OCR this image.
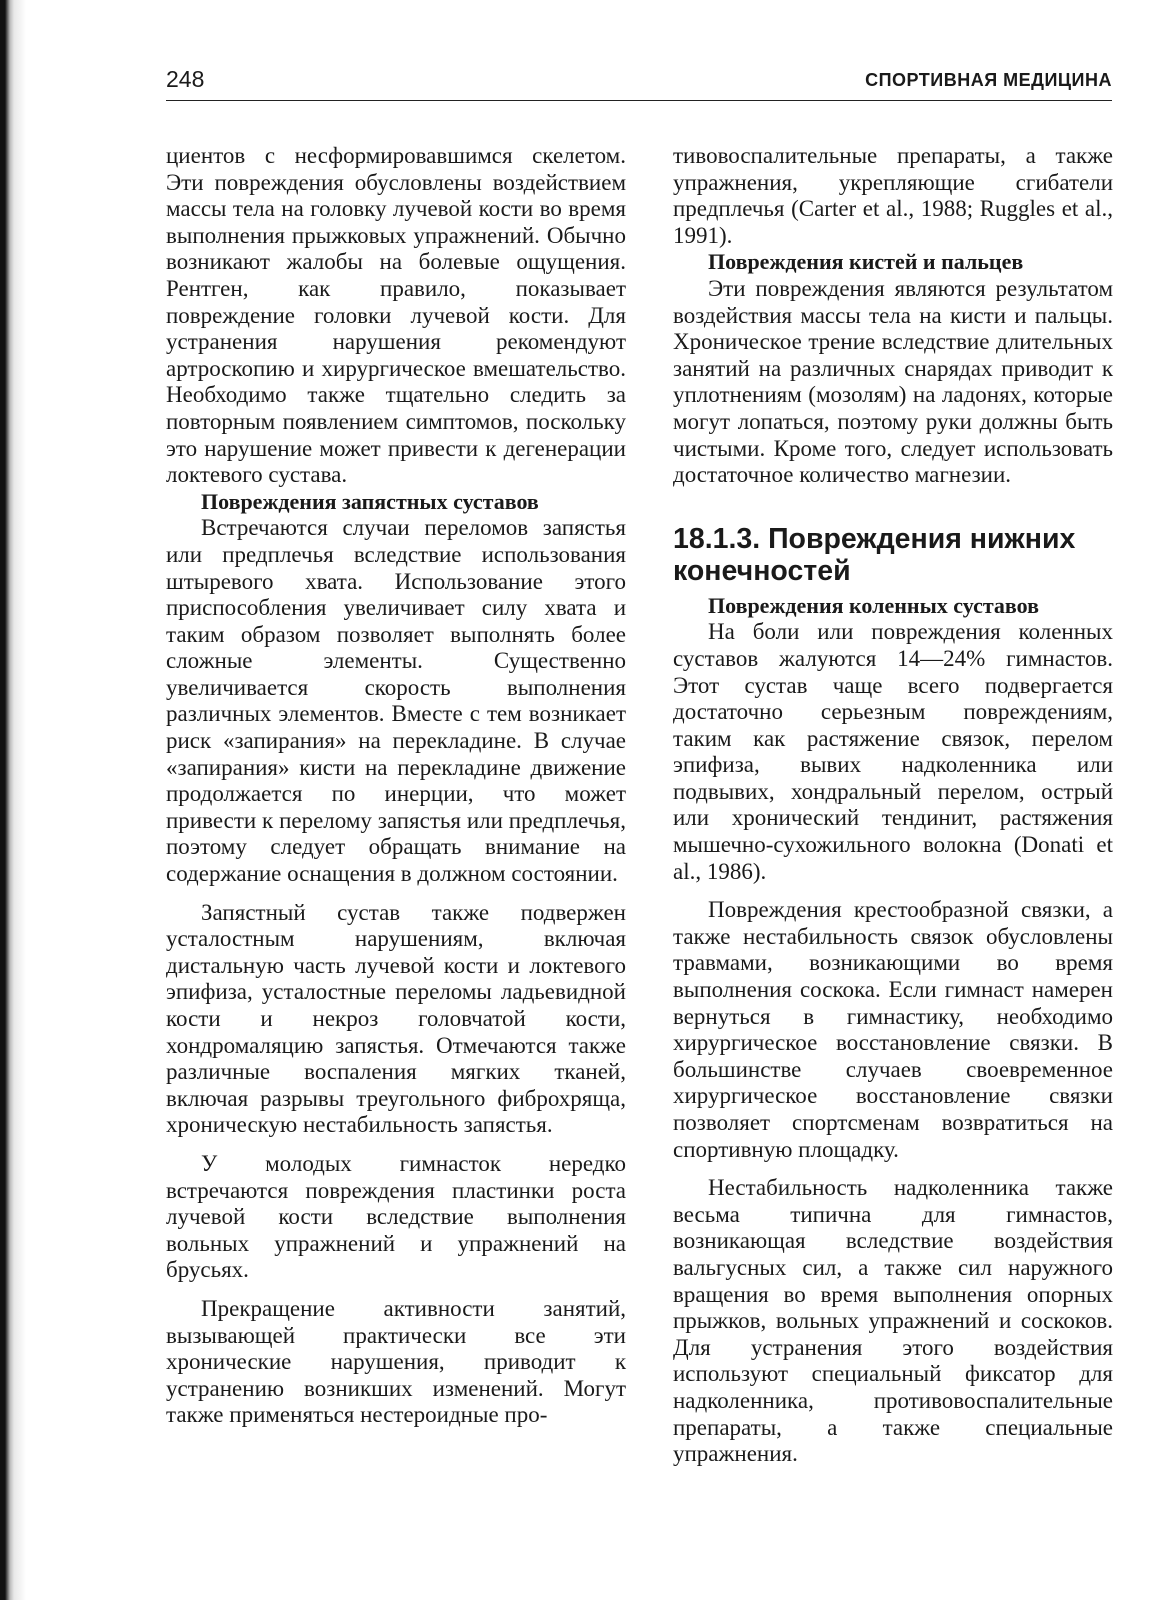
248	СПОРТИВНАЯ МЕДИЦИНА

циентов с несформировавшимся скелетом. Эти повреждения обусловлены воздействием массы тела на головку лучевой кости во время выполнения прыжковых упражнений. Обычно возникают жалобы на болевые ощущения. Рентген, как правило, показывает повреждение головки лучевой кости. Для устранения нарушения рекомендуют артроскопию и хирургическое вмешательство. Необходимо также тщательно следить за повторным появлением симптомов, поскольку это нарушение может привести к дегенерации локтевого сустава.

Повреждения запястных суставов

Встречаются случаи переломов запястья или предплечья вследствие использования штыревого хвата. Использование этого приспособления увеличивает силу хвата и таким образом позволяет выполнять более сложные элементы. Существенно увеличивается скорость выполнения различных элементов. Вместе с тем возникает риск «запирания» на перекладине. В случае «запирания» кисти на перекладине движение продолжается по инерции, что может привести к перелому запястья или предплечья, поэтому следует обращать внимание на содержание оснащения в должном состоянии.

Запястный сустав также подвержен усталостным нарушениям, включая дистальную часть лучевой кости и локтевого эпифиза, усталостные переломы ладьевидной кости и некроз головчатой кости, хондромаляцию запястья. Отмечаются также различные воспаления мягких тканей, включая разрывы треугольного фиброхряща, хроническую нестабильность запястья.

У молодых гимнасток нередко встречаются повреждения пластинки роста лучевой кости вследствие выполнения вольных упражнений и упражнений на брусьях.

Прекращение активности занятий, вызывающей практически все эти хронические нарушения, приводит к устранению возникших изменений. Могут также применяться нестероидные про-

тивовоспалительные препараты, а также упражнения, укрепляющие сгибатели предплечья (Carter et al., 1988; Ruggles et al., 1991).

Повреждения кистей и пальцев

Эти повреждения являются результатом воздействия массы тела на кисти и пальцы. Хроническое трение вследствие длительных занятий на различных снарядах приводит к уплотнениям (мозолям) на ладонях, которые могут лопаться, поэтому руки должны быть чистыми. Кроме того, следует использовать достаточное количество магнезии.

18.1.3. Повреждения нижних конечностей
Повреждения коленных суставов

На боли или повреждения коленных суставов жалуются 14—24% гимнастов. Этот сустав чаще всего подвергается достаточно серьезным повреждениям, таким как растяжение связок, перелом эпифиза, вывих надколенника или подвывих, хондральный перелом, острый или хронический тендинит, растяжения мышечно-сухожильного волокна (Donati et al., 1986).

Повреждения крестообразной связки, а также нестабильность связок обусловлены травмами, возникающими во время выполнения соскока. Если гимнаст намерен вернуться в гимнастику, необходимо хирургическое восстановление связки. В большинстве случаев своевременное хирургическое восстановление связки позволяет спортсменам возвратиться на спортивную площадку.

Нестабильность надколенника также весьма типична для гимнастов, возникающая вследствие воздействия вальгусных сил, а также сил наружного вращения во время выполнения опорных прыжков, вольных упражнений и соскоков. Для устранения этого воздействия используют специальный фиксатор для надколенника, противовоспалительные препараты, а также специальные упражнения.
